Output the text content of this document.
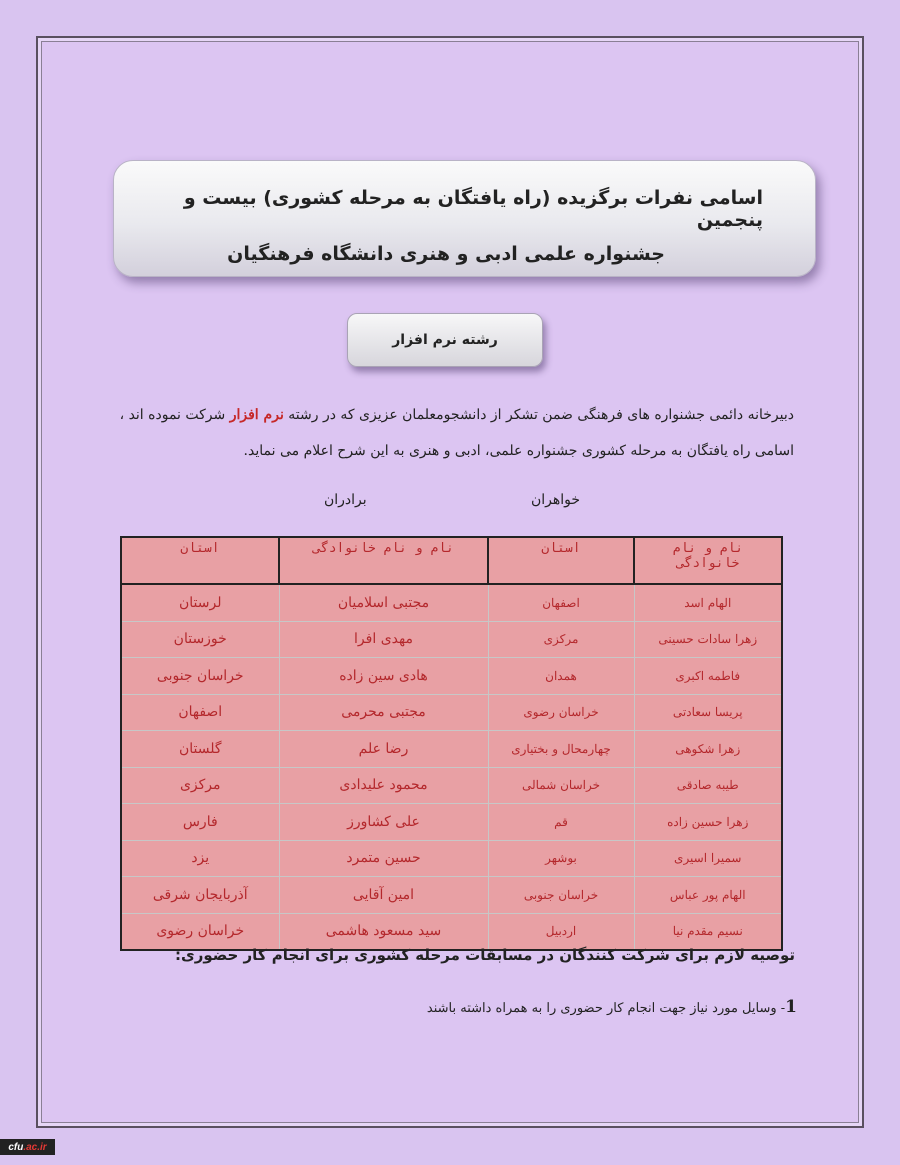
اسامی نفرات برگزیده (راه یافتگان به مرحله کشوری) بیست و پنجمین
جشنواره علمی ادبی و هنری دانشگاه فرهنگیان
رشته نرم افزار
دبیرخانه دائمی جشنواره های فرهنگی ضمن تشکر از دانشجومعلمان عزیزی که در رشته نرم افزار شرکت نموده اند ،
اسامی راه یافتگان به مرحله کشوری جشنواره علمی، ادبی و هنری به این شرح اعلام می نماید.
خواهران
برادران
نام و نام خانوادگی	استان	نام و نام خانوادگی	استان
الهام اسد	اصفهان	مجتبی اسلامیان	لرستان
زهرا سادات حسینی	مرکزی	مهدی افرا	خوزستان
فاطمه اکبری	همدان	هادی سین زاده	خراسان جنوبی
پریسا سعادتی	خراسان رضوی	مجتبی محرمی	اصفهان
زهرا شکوهی	چهارمحال و بختیاری	رضا علم	گلستان
طیبه صادقی	خراسان شمالی	محمود علیدادی	مرکزی
زهرا حسین زاده	قم	علی کشاورز	فارس
سمیرا اسیری	بوشهر	حسین متمرد	یزد
الهام پور عباس	خراسان جنوبی	امین آقایی	آذربایجان شرقی
نسیم مقدم نیا	اردبیل	سید مسعود هاشمی	خراسان رضوی
توصیه لازم برای شرکت کنندگان در مسابقات مرحله کشوری برای انجام کار حضوری:
1- وسایل مورد نیاز جهت انجام کار حضوری را به همراه داشته باشند
cfu .ac.ir
